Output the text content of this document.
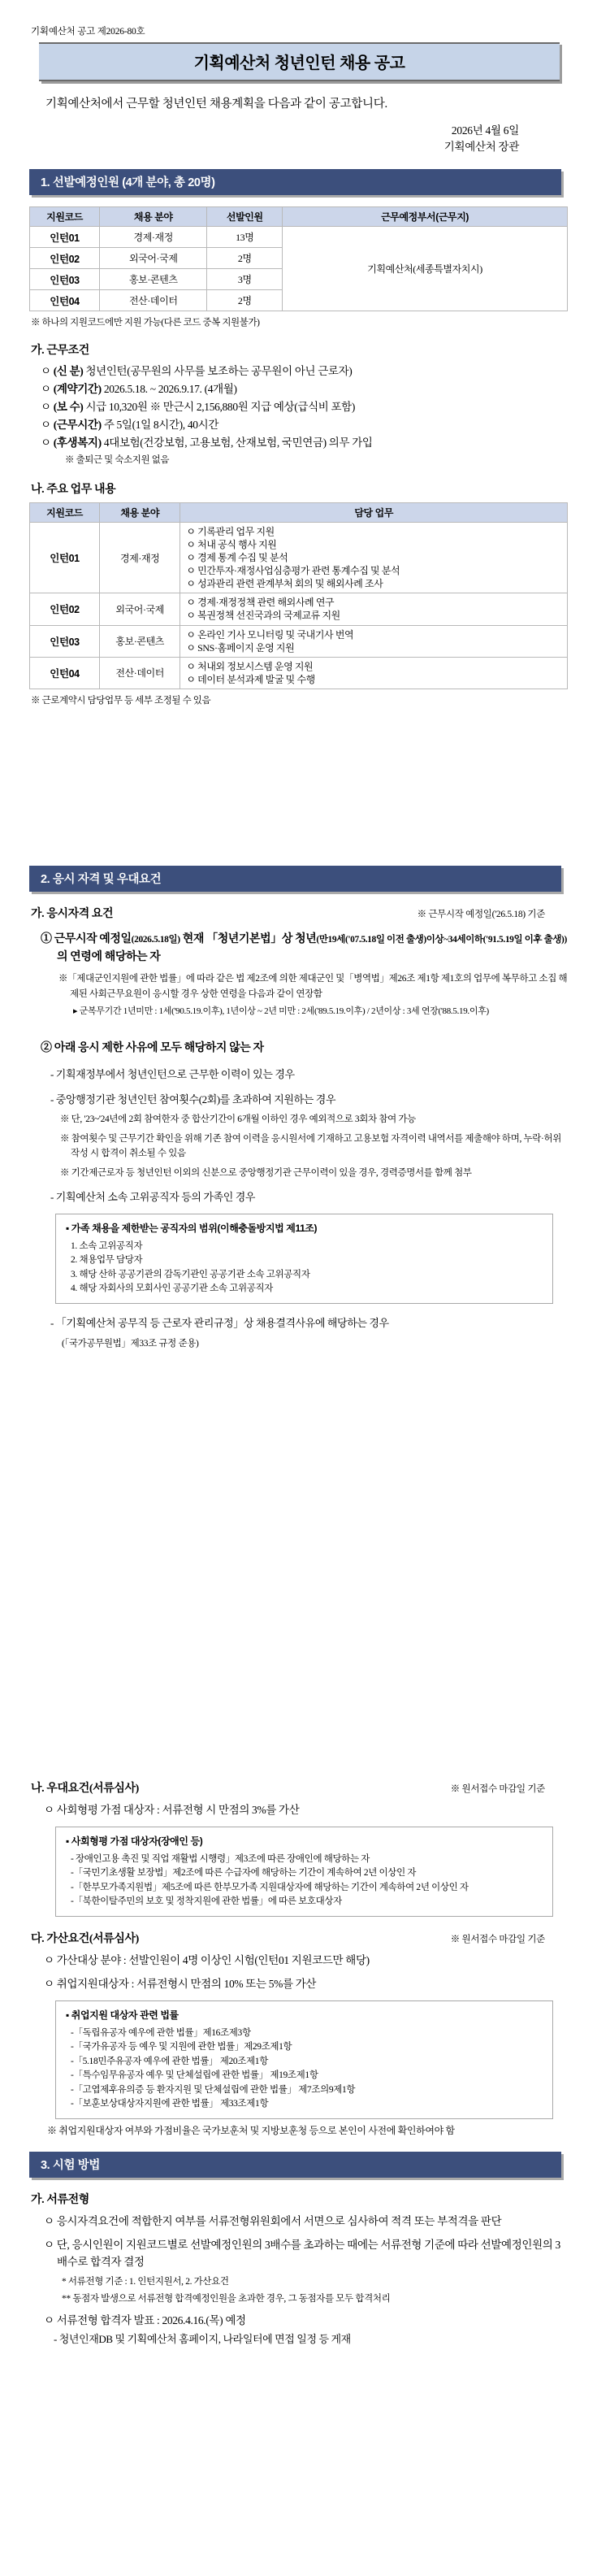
기획예산처 공고 제2026-80호
기획예산처 청년인턴 채용 공고
기획예산처에서 근무할 청년인턴 채용계획을 다음과 같이 공고합니다.
2026년 4월 6일
기획예산처 장관
1. 선발예정인원 (4개 분야, 총 20명)
지원코드	채용 분야	선발인원	근무예정부서(근무지)
인턴01	경제·재정	13명	기획예산처(세종특별자치시)
인턴02	외국어·국제	2명	
인턴03	홍보·콘텐츠	3명	
인턴04	전산·데이터	2명	
※ 하나의 지원코드에만 지원 가능(다른 코드 중복 지원불가)
가. 근무조건
ㅇ (신 분) 청년인턴(공무원의 사무를 보조하는 공무원이 아닌 근로자)
ㅇ (계약기간) 2026.5.18. ~ 2026.9.17. (4개월)
ㅇ (보 수) 시급 10,320원 ※ 만근시 2,156,880원 지급 예상(급식비 포함)
ㅇ (근무시간) 주 5일(1일 8시간), 40시간
ㅇ (후생복지) 4대보험(건강보험, 고용보험, 산재보험, 국민연금) 의무 가입
※ 출퇴근 및 숙소지원 없음
나. 주요 업무 내용
지원코드	채용 분야	담당 업무
인턴01	경제·재정	ㅇ 기록관리 업무 지원
ㅇ 처내 공식 행사 지원
ㅇ 경제 통계 수집 및 분석
ㅇ 민간투자·재정사업심층평가 관련 통계수집 및 분석
ㅇ 성과관리 관련 관계부처 회의 및 해외사례 조사

인턴02	외국어·국제	ㅇ 경제·재정정책 관련 해외사례 연구
ㅇ 복권정책 선진국과의 국제교류 지원

인턴03	홍보·콘텐츠	ㅇ 온라인 기사 모니터링 및 국내기사 번역
ㅇ SNS·홈페이지 운영 지원

인턴04	전산·데이터	ㅇ 처내외 정보시스템 운영 지원
ㅇ 데이터 분석과제 발굴 및 수행
※ 근로계약시 담당업무 등 세부 조정될 수 있음
2. 응시 자격 및 우대요건
가. 응시자격 요건	※ 근무시작 예정일('26.5.18) 기준
① 근무시작 예정일(2026.5.18일) 현재 「청년기본법」상 청년(만19세('07.5.18일 이전 출생)이상~34세이하('91.5.19일 이후 출생))의 연령에 해당하는 자
※「제대군인지원에 관한 법률」에 따라 같은 법 제2조에 의한 제대군인 및「병역법」제26조 제1항 제1호의 업무에 복무하고 소집 해제된 사회근무요원이 응시할 경우 상한 연령을 다음과 같이 연장함
▸ 군복무기간 1년미만 : 1세('90.5.19.이후), 1년이상 ~ 2년 미만 : 2세('89.5.19.이후) / 2년이상 : 3세 연장('88.5.19.이후)
② 아래 응시 제한 사유에 모두 해당하지 않는 자
- 기획재정부에서 청년인턴으로 근무한 이력이 있는 경우
- 중앙행정기관 청년인턴 참여횟수(2회)를 초과하여 지원하는 경우
※ 단, '23~'24년에 2회 참여한자 중 합산기간이 6개월 이하인 경우 예외적으로 3회차 참여 가능
※ 참여횟수 및 근무기간 확인을 위해 기존 참여 이력을 응시원서에 기재하고 고용보험 자격이력 내역서를 제출해야 하며, 누락·허위 작성 시 합격이 취소될 수 있음
※ 기간제근로자 등 청년인턴 이외의 신분으로 중앙행정기관 근무이력이 있을 경우, 경력증명서를 함께 첨부
- 기획예산처 소속 고위공직자 등의 가족인 경우
▪ 가족 채용을 제한받는 공직자의 범위(이해충돌방지법 제11조)
1. 소속 고위공직자
2. 채용업무 담당자
3. 해당 산하 공공기관의 감독기관인 공공기관 소속 고위공직자
4. 해당 자회사의 모회사인 공공기관 소속 고위공직자
- 「기획예산처 공무직 등 근로자 관리규정」상 채용결격사유에 해당하는 경우
(「국가공무원법」제33조 규정 준용)
나. 우대요건(서류심사)	※ 원서접수 마감일 기준
ㅇ 사회형평 가점 대상자 : 서류전형 시 만점의 3%를 가산
▪ 사회형평 가점 대상자(장애인 등)
- 장애인고용 촉진 및 직업 재활법 시행령」제3조에 따른 장애인에 해당하는 자
-「국민기초생활 보장법」제2조에 따른 수급자에 해당하는 기간이 계속하여 2년 이상인 자
-「한부모가족지원법」제5조에 따른 한부모가족 지원대상자에 해당하는 기간이 계속하여 2년 이상인 자
-「북한이탈주민의 보호 및 정착지원에 관한 법률」에 따른 보호대상자
다. 가산요건(서류심사)	※ 원서접수 마감일 기준
ㅇ 가산대상 분야 : 선발인원이 4명 이상인 시험(인턴01 지원코드만 해당)
ㅇ 취업지원대상자 : 서류전형시 만점의 10% 또는 5%를 가산
▪ 취업지원 대상자 관련 법률
-「독립유공자 예우에 관한 법률」제16조제3항
-「국가유공자 등 예우 및 지원에 관한 법률」제29조제1항
-「5.18민주유공자 예우에 관한 법률」 제20조제1항
-「특수임무유공자 예우 및 단체설립에 관한 법률」 제19조제1항
-「고엽제후유의증 등 환자지원 및 단체설립에 관한 법률」 제7조의9제1항
-「보훈보상대상자지원에 관한 법률」 제33조제1항
※ 취업지원대상자 여부와 가점비율은 국가보훈처 및 지방보훈청 등으로 본인이 사전에 확인하여야 함
3. 시험 방법
가. 서류전형
ㅇ 응시자격요건에 적합한지 여부를 서류전형위원회에서 서면으로 심사하여 적격 또는 부적격을 판단
ㅇ 단, 응시인원이 지원코드별로 선발예정인원의 3배수를 초과하는 때에는 서류전형 기준에 따라 선발예정인원의 3배수로 합격자 결정
* 서류전형 기준 : 1. 인턴지원서, 2. 가산요건
** 동점자 발생으로 서류전형 합격예정인원을 초과한 경우, 그 동점자를 모두 합격처리
ㅇ 서류전형 합격자 발표 : 2026.4.16.(목) 예정
- 청년인재DB 및 기획예산처 홈페이지, 나라일터에 면접 일정 등 게재
